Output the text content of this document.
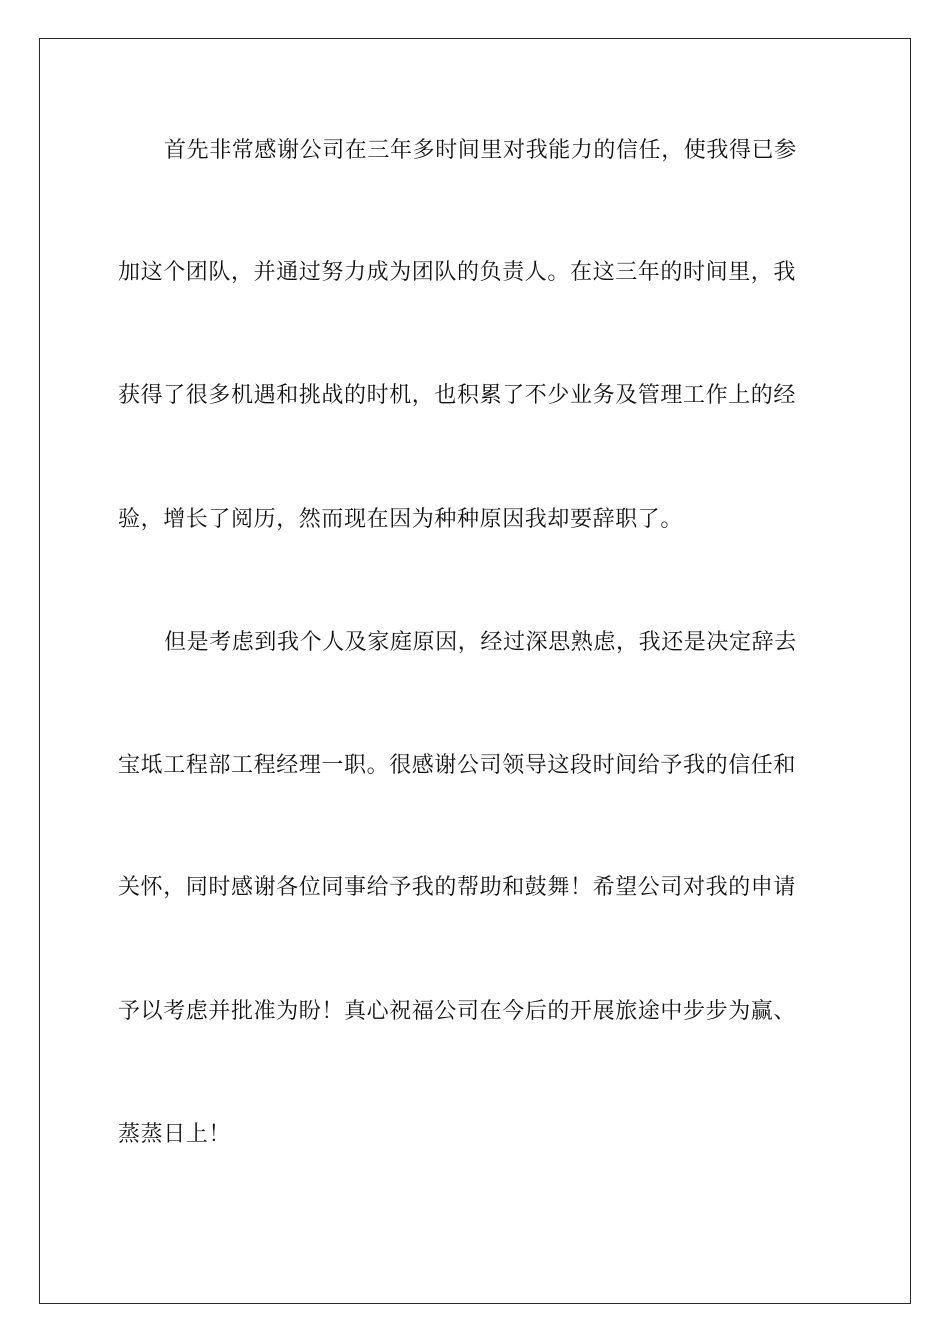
首先非常感谢公司在三年多时间里对我能力的信任，使我得已参

加这个团队，并通过努力成为团队的负责人。在这三年的时间里，我

获得了很多机遇和挑战的时机，也积累了不少业务及管理工作上的经

验，增长了阅历，然而现在因为种种原因我却要辞职了。

但是考虑到我个人及家庭原因，经过深思熟虑，我还是决定辞去

宝坻工程部工程经理一职。很感谢公司领导这段时间给予我的信任和

关怀，同时感谢各位同事给予我的帮助和鼓舞！希望公司对我的申请

予以考虑并批准为盼！真心祝福公司在今后的开展旅途中步步为赢、

蒸蒸日上！
